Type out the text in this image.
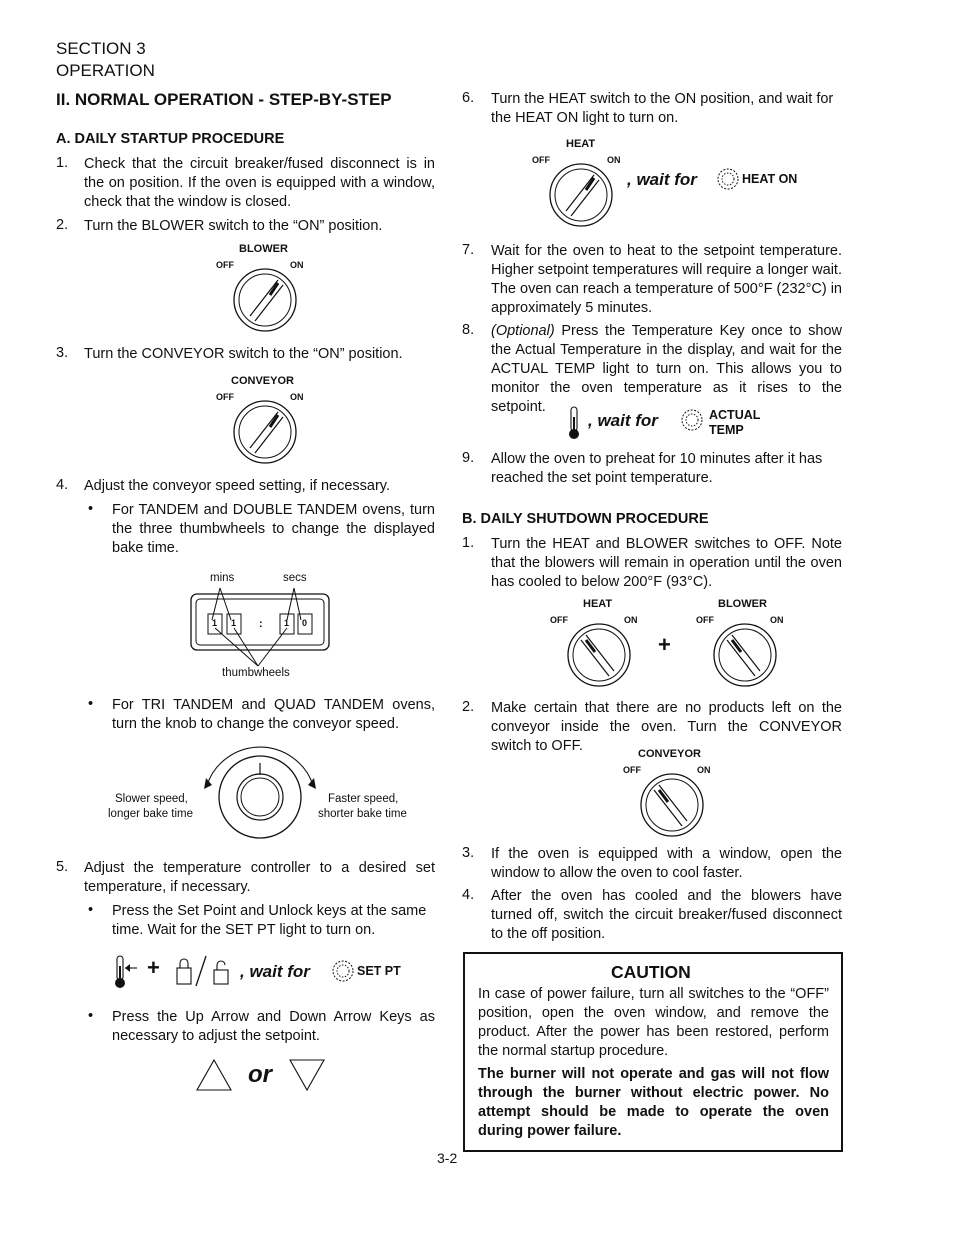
SECTION 3
OPERATION
II. NORMAL OPERATION - STEP-BY-STEP
A. DAILY STARTUP PROCEDURE
1. Check that the circuit breaker/fused disconnect is in the on position. If the oven is equipped with a window, check that the window is closed.
2. Turn the BLOWER switch to the “ON” position.
BLOWER
OFF	ON
3. Turn the CONVEYOR switch to the “ON” position.
CONVEYOR
OFF	ON
4. Adjust the conveyor speed setting, if necessary.
• For TANDEM and DOUBLE TANDEM ovens, turn the three thumbwheels to change the displayed bake time.
mins	secs
1 1 : 1 0
thumbwheels
• For TRI TANDEM and QUAD TANDEM ovens, turn the knob to change the conveyor speed.
Slower speed,
longer bake time
Faster speed,
shorter bake time
5. Adjust the temperature controller to a desired set temperature, if necessary.
• Press the Set Point and Unlock keys at the same time. Wait for the SET PT light to turn on.
+	, wait for	SET PT
• Press the Up Arrow and Down Arrow Keys as necessary to adjust the setpoint.
or
6. Turn the HEAT switch to the ON position, and wait for the HEAT ON light to turn on.
HEAT
OFF	ON
, wait for	HEAT ON
7. Wait for the oven to heat to the setpoint temperature. Higher setpoint temperatures will require a longer wait. The oven can reach a temperature of 500°F (232°C) in approximately 5 minutes.
8. (Optional) Press the Temperature Key once to show the Actual Temperature in the display, and wait for the ACTUAL TEMP light to turn on. This allows you to monitor the oven temperature as it rises to the setpoint.
, wait for	ACTUAL
TEMP
9. Allow the oven to preheat for 10 minutes after it has reached the set point temperature.
B. DAILY SHUTDOWN PROCEDURE
1. Turn the HEAT and BLOWER switches to OFF. Note that the blowers will remain in operation until the oven has cooled to below 200°F (93°C).
HEAT
OFF	ON
+
BLOWER
OFF	ON
2. Make certain that there are no products left on the conveyor inside the oven. Turn the CONVEYOR switch to OFF.	CONVEYOR
OFF	ON
3. If the oven is equipped with a window, open the window to allow the oven to cool faster.
4. After the oven has cooled and the blowers have turned off, switch the circuit breaker/fused disconnect to the off position.
CAUTION
In case of power failure, turn all switches to the “OFF” position, open the oven window, and remove the product. After the power has been restored, perform the normal startup procedure.
The burner will not operate and gas will not flow through the burner without electric power. No attempt should be made to operate the oven during power failure.
3-2
